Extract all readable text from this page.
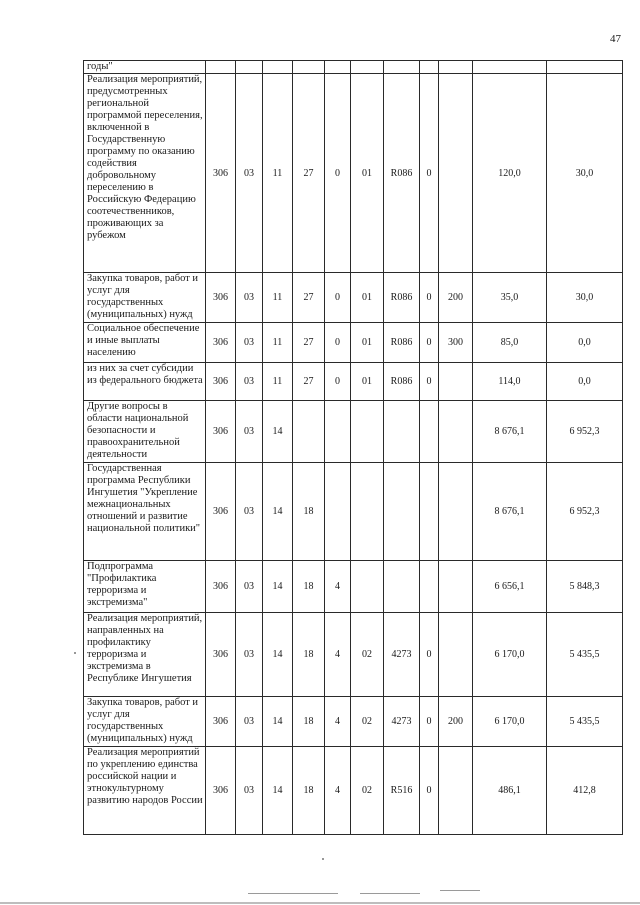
47
годы"											
Реализация мероприятий, предусмотренных региональной программой переселения, включенной в Государственную программу по оказанию содействия добровольному переселению в Российскую Федерацию соотечественников, проживающих за рубежом	306	03	11	27	0	01	R086	0		120,0	30,0
Закупка товаров, работ и услуг для государственных (муниципальных) нужд	306	03	11	27	0	01	R086	0	200	35,0	30,0
Социальное обеспечение и иные выплаты населению	306	03	11	27	0	01	R086	0	300	85,0	0,0
из них за счет субсидии из федерального бюджета	306	03	11	27	0	01	R086	0		114,0	0,0
Другие вопросы в области национальной безопасности и правоохранительной деятельности	306	03	14							8 676,1	6 952,3
Государственная программа Республики Ингушетия "Укрепление межнациональных отношений и развитие национальной политики"	306	03	14	18						8 676,1	6 952,3
Подпрограмма "Профилактика терроризма и экстремизма"	306	03	14	18	4					6 656,1	5 848,3
Реализация мероприятий, направленных на профилактику терроризма и экстремизма в Республике Ингушетия	306	03	14	18	4	02	4273	0		6 170,0	5 435,5
Закупка товаров, работ и услуг для государственных (муниципальных) нужд	306	03	14	18	4	02	4273	0	200	6 170,0	5 435,5
Реализация мероприятий по укреплению единства российской нации и этнокультурному развитию народов России	306	03	14	18	4	02	R516	0		486,1	412,8
